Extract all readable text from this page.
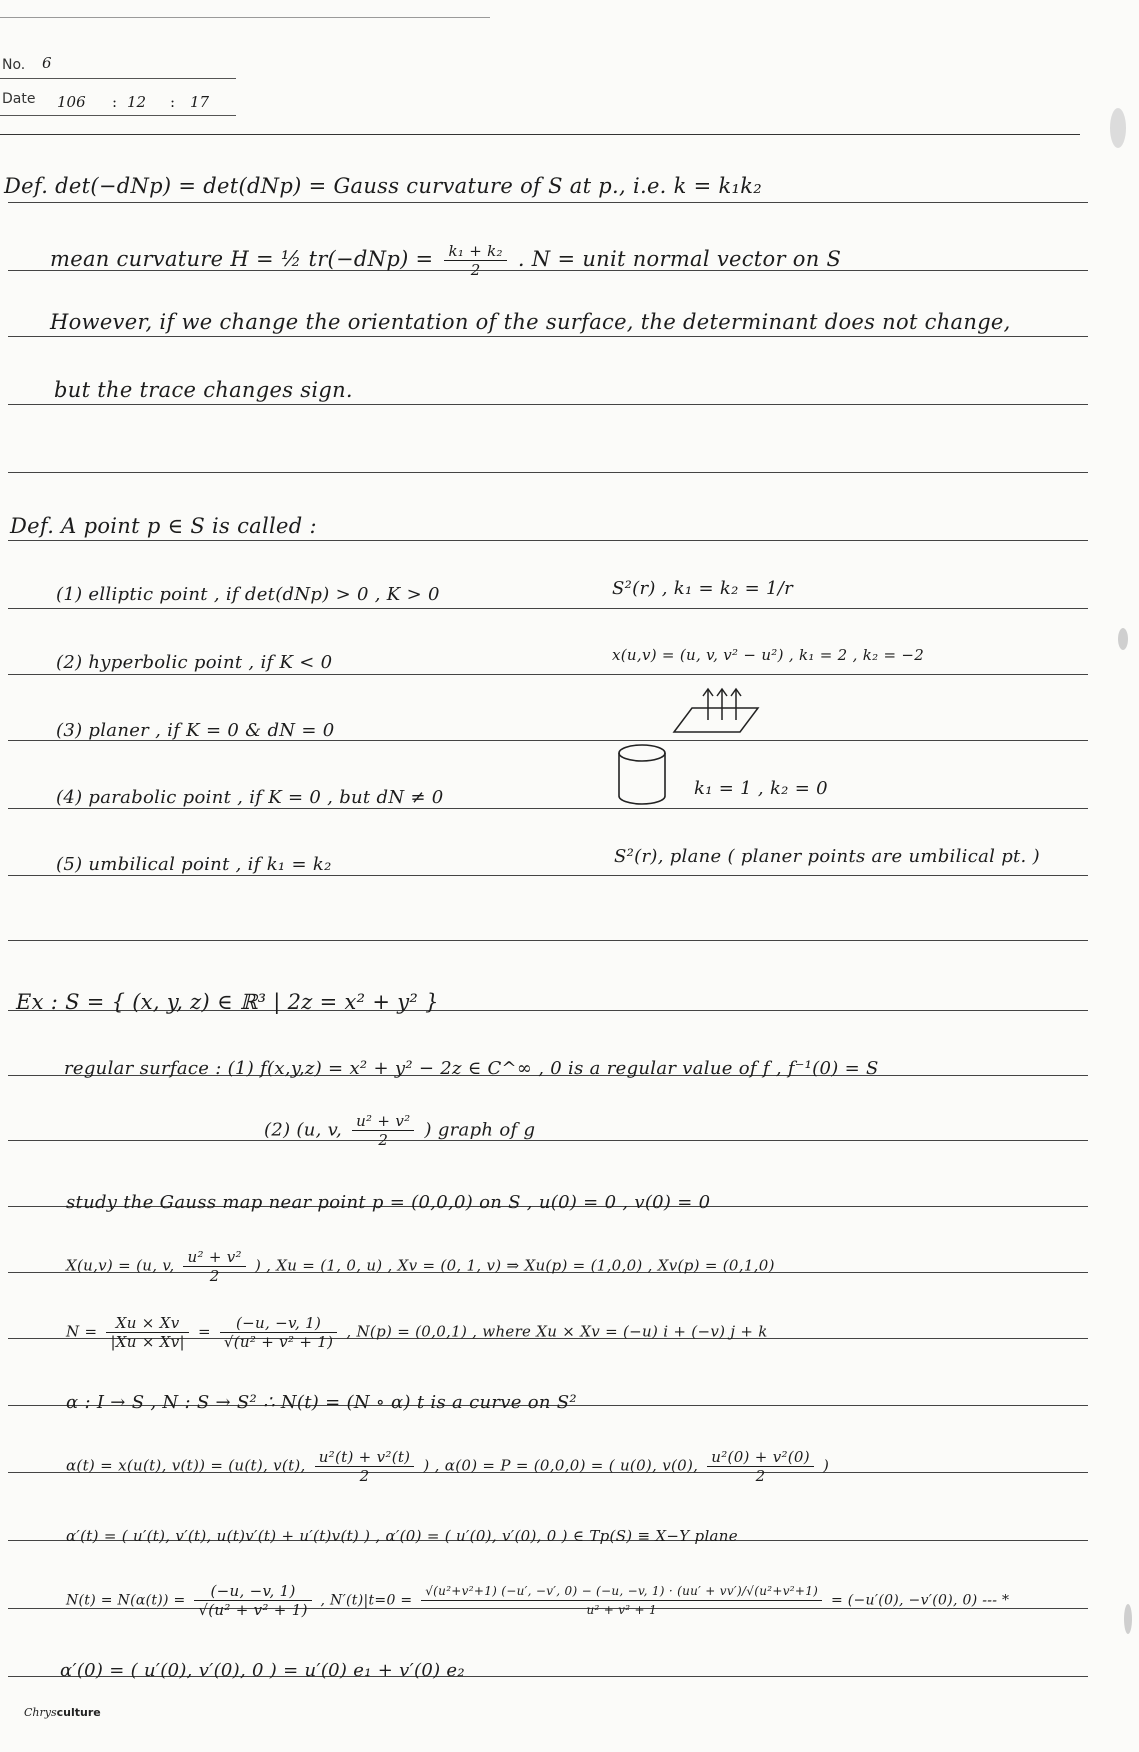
No. 6
Date 106 : 12 : 17
Def. det(−dNp) = det(dNp) = Gauss curvature of S at p., i.e. k = k₁k₂
mean curvature H = ½ $tr(-dNp) = \frac{\text{k₁ + k₂}}{2}$ . N = unit normal vector on S
However, if we change the orientation of the surface, the determinant does not change,
but the trace changes sign.
Def. A point p ∈ S is called :
(1) elliptic point , if det(dNp) > 0 , K > 0	S²(r) , k₁ = k₂ = 1/r
(2) hyperbolic point , if K < 0	x(u,v) = (u, v, v² − u²) , k₁ = 2 , k₂ = −2
(3) planer , if K = 0 & dN = 0
(4) parabolic point , if K = 0 , but dN ≠ 0	k₁ = 1 , k₂ = 0
(5) umbilical point , if k₁ = k₂	S²(r), plane ( planer points are umbilical pt. )
Ex : S = { (x, y, z) ∈ ℝ³ | 2z = x² + y² }
regular surface : (1) f(x,y,z) = x² + y² − 2z ∈ C^∞ , 0 is a regular value of f , f⁻¹(0) = S
(2) (u, v, $\frac{\text{u² + v²}}{2}$ ) graph of g
study the Gauss map near point p = (0,0,0) on S , u(0) = 0 , v(0) = 0
X(u,v) = (u, v, $\frac{\text{u² + v²}}{2}$ ) , Xu = (1, 0, u) , Xv = (0, 1, v) ⇒ Xu(p) = (1,0,0) , Xv(p) = (0,1,0)
$N = \frac{Xu \times Xv}{|Xu \times Xv|} = \frac{(-u, -v, 1)}{\text{√(u² + v² + 1)}}$ , N(p) = (0,0,1) , where Xu × Xv = (−u) i + (−v) j + k
α : I → S , N : S → S² ∴ N(t) = (N ∘ α) t is a curve on S²
α(t) = x(u(t), v(t)) = (u(t), v(t), $\frac{\text{u²(t) + v²(t)}}{2}$ ) , α(0) = P = (0,0,0) = ( u(0), v(0), $\frac{\text{u²(0) + v²(0)}}{2}$ )
α′(t) = ( u′(t), v′(t), u(t)v′(t) + u′(t)v(t) ) , α′(0) = ( u′(0), v′(0), 0 ) ∈ Tp(S) ≡ X−Y plane
$N(t) = N(\alpha(t)) = \frac{(-u, -v, 1)}{\text{√(u² + v² + 1)}}$ , N′(t)|t=0 =
√(u²+v²+1) (−u′, −v′, 0) − (−u, −v, 1) · (uu′ + vv′)/√(u²+v²+1)
u² + v² + 1
= (−u′(0), −v′(0), 0) --- *
α′(0) = ( u′(0), v′(0), 0 ) = u′(0) e₁ + v′(0) e₂
Chrysculture
